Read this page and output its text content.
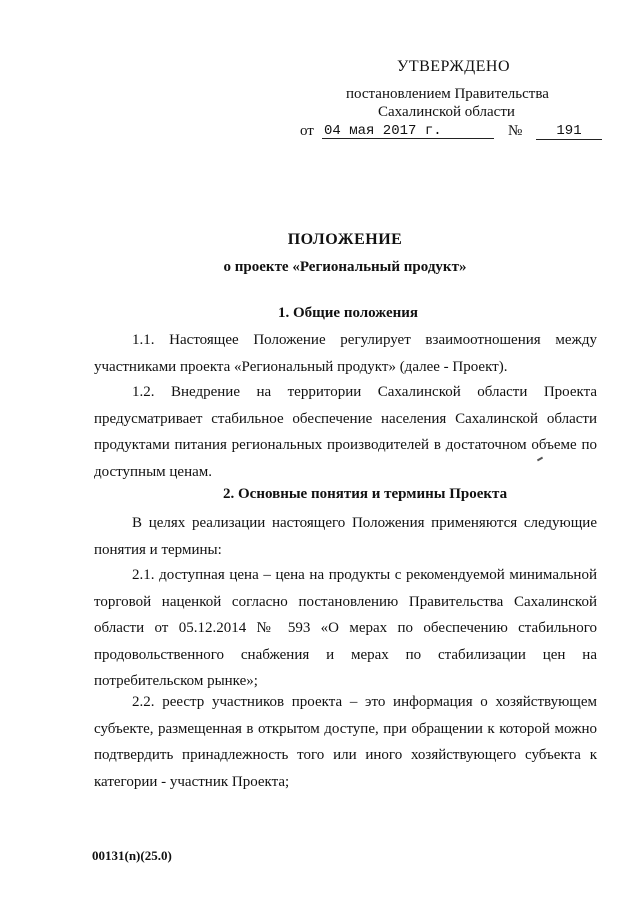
УТВЕРЖДЕНО
постановлением Правительства
Сахалинской области
от 04 мая 2017 г.	№	191
ПОЛОЖЕНИЕ
о проекте «Региональный продукт»
1. Общие положения
1.1. Настоящее Положение регулирует взаимоотношения между участниками проекта «Региональный продукт» (далее - Проект).
1.2. Внедрение на территории Сахалинской области Проекта предусматривает стабильное обеспечение населения Сахалинской области продуктами питания региональных производителей в достаточном объеме по доступным ценам.
2. Основные понятия и термины Проекта
В целях реализации настоящего Положения применяются следующие понятия и термины:
2.1. доступная цена – цена на продукты с рекомендуемой минимальной торговой наценкой согласно постановлению Правительства Сахалинской области от 05.12.2014 № 593 «О мерах по обеспечению стабильного продовольственного снабжения и мерах по стабилизации цен на потребительском рынке»;
2.2. реестр участников проекта – это информация о хозяйствующем субъекте, размещенная в открытом доступе, при обращении к которой можно подтвердить принадлежность того или иного хозяйствующего субъекта к категории - участник Проекта;
00131(n)(25.0)
